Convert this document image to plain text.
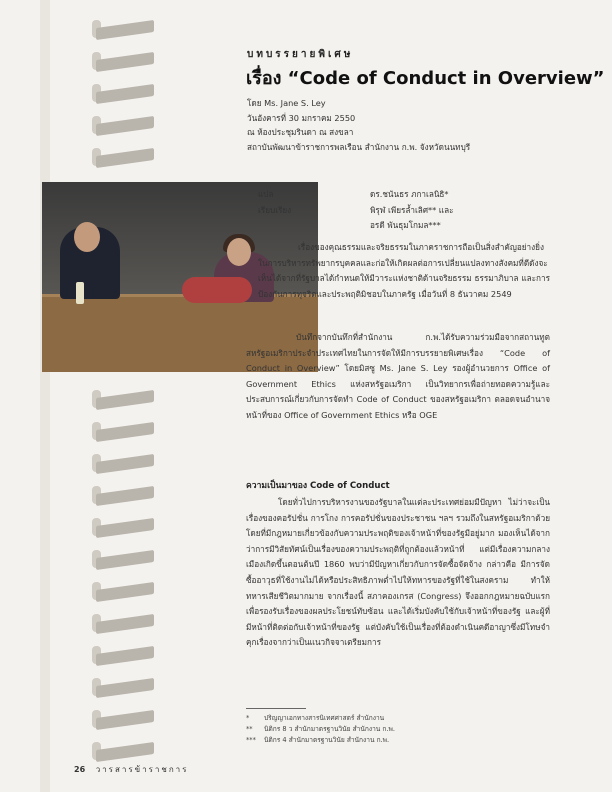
บทบรรยายพิเศษ
เรื่อง “Code of Conduct in Overview”
โดย Ms. Jane S. Ley
วันอังคารที่ 30 มกราคม 2550
ณ ห้องประชุมรินดา ณ สงขลา
สถาบันพัฒนาข้าราชการพลเรือน สำนักงาน ก.พ. จังหวัดนนทบุรี
แปล	ดร.ชนันธร ภกาเลนิธิ*
เรียบเรียง	พิรุฬ เพียรล้ำเลิศ** และ
อรดี พันธุมโกมล***
เรื่องของคุณธรรมและจริยธรรมในภาคราชการถือเป็นสิ่งสำคัญอย่างยิ่งในการบริหารทรัพยากรบุคคลและก่อให้เกิดผลต่อการเปลี่ยนแปลงทางสังคมที่ดีดังจะเห็นได้จากที่รัฐบาลได้กำหนดให้มีวาระแห่งชาติด้านจริยธรรม ธรรมาภิบาล และการป้องกันการทุจริตและประพฤติมิชอบในภาครัฐ เมื่อวันที่ 8 ธันวาคม 2549
บันทึกจากบันทึกที่สำนักงาน ก.พ.ได้รับความร่วมมือจากสถานทูตสหรัฐอเมริกาประจำประเทศไทยในการจัดให้มีการบรรยายพิเศษเรื่อง “Code of Conduct in Overview” โดยมิสซู Ms. Jane S. Ley รองผู้อำนวยการ Office of Government Ethics แห่งสหรัฐอเมริกา เป็นวิทยากรเพื่อถ่ายทอดความรู้และประสบการณ์เกี่ยวกับการจัดทำ Code of Conduct ของสหรัฐอเมริกา ตลอดจนอำนาจหน้าที่ของ Office of Government Ethics หรือ OGE
ความเป็นมาของ Code of Conduct
โดยทั่วไปการบริหารงานของรัฐบาลในแต่ละประเทศย่อมมีปัญหา ไม่ว่าจะเป็นเรื่องของคอรัปชั่น การโกง การคอรัปชั่นของประชาชน ฯลฯ รวมถึงในสหรัฐอเมริกาด้วย โดยที่มีกฎหมายเกี่ยวข้องกับความประพฤติของเจ้าหน้าที่ของรัฐมีอยู่มาก มองเห็นได้จากว่าการมีวิสัยทัศน์เป็นเรื่องของความประพฤติที่ถูกต้องแล้วหน้าที่ แต่มีเรื่องความกลางเมืองเกิดขึ้นตอนต้นปี 1860 พบว่ามีปัญหาเกี่ยวกับการจัดซื้อจัดจ้าง กล่าวคือ มีการจัดซื้ออาวุธที่ใช้งานไม่ได้หรือประสิทธิภาพต่ำไปให้ทหารของรัฐที่ใช้ในสงคราม ทำให้ทหารเสียชีวิตมากมาย จากเรื่องนี้ สภาคองเกรส (Congress) จึงออกกฎหมายฉบับแรกเพื่อรองรับเรื่องของผลประโยชน์ทับซ้อน และได้เริ่มบังคับใช้กับเจ้าหน้าที่ของรัฐ และผู้ที่มีหน้าที่ติดต่อกับเจ้าหน้าที่ของรัฐ แต่บังคับใช้เป็นเรื่องที่ต้องดำเนินคดีอาญาซึ่งมีโทษจำคุกเรื่องจากว่าเป็นแนวกิจจาเตรียมการ
*	ปริญญาเอกทางสารนิเทศศาสตร์ สำนักงาน
**	นิติกร 8 ว สำนักมาตรฐานวินัย สำนักงาน ก.พ.
***	นิติกร 4 สำนักมาตรฐานวินัย สำนักงาน ก.พ.
26 วารสารข้าราชการ
